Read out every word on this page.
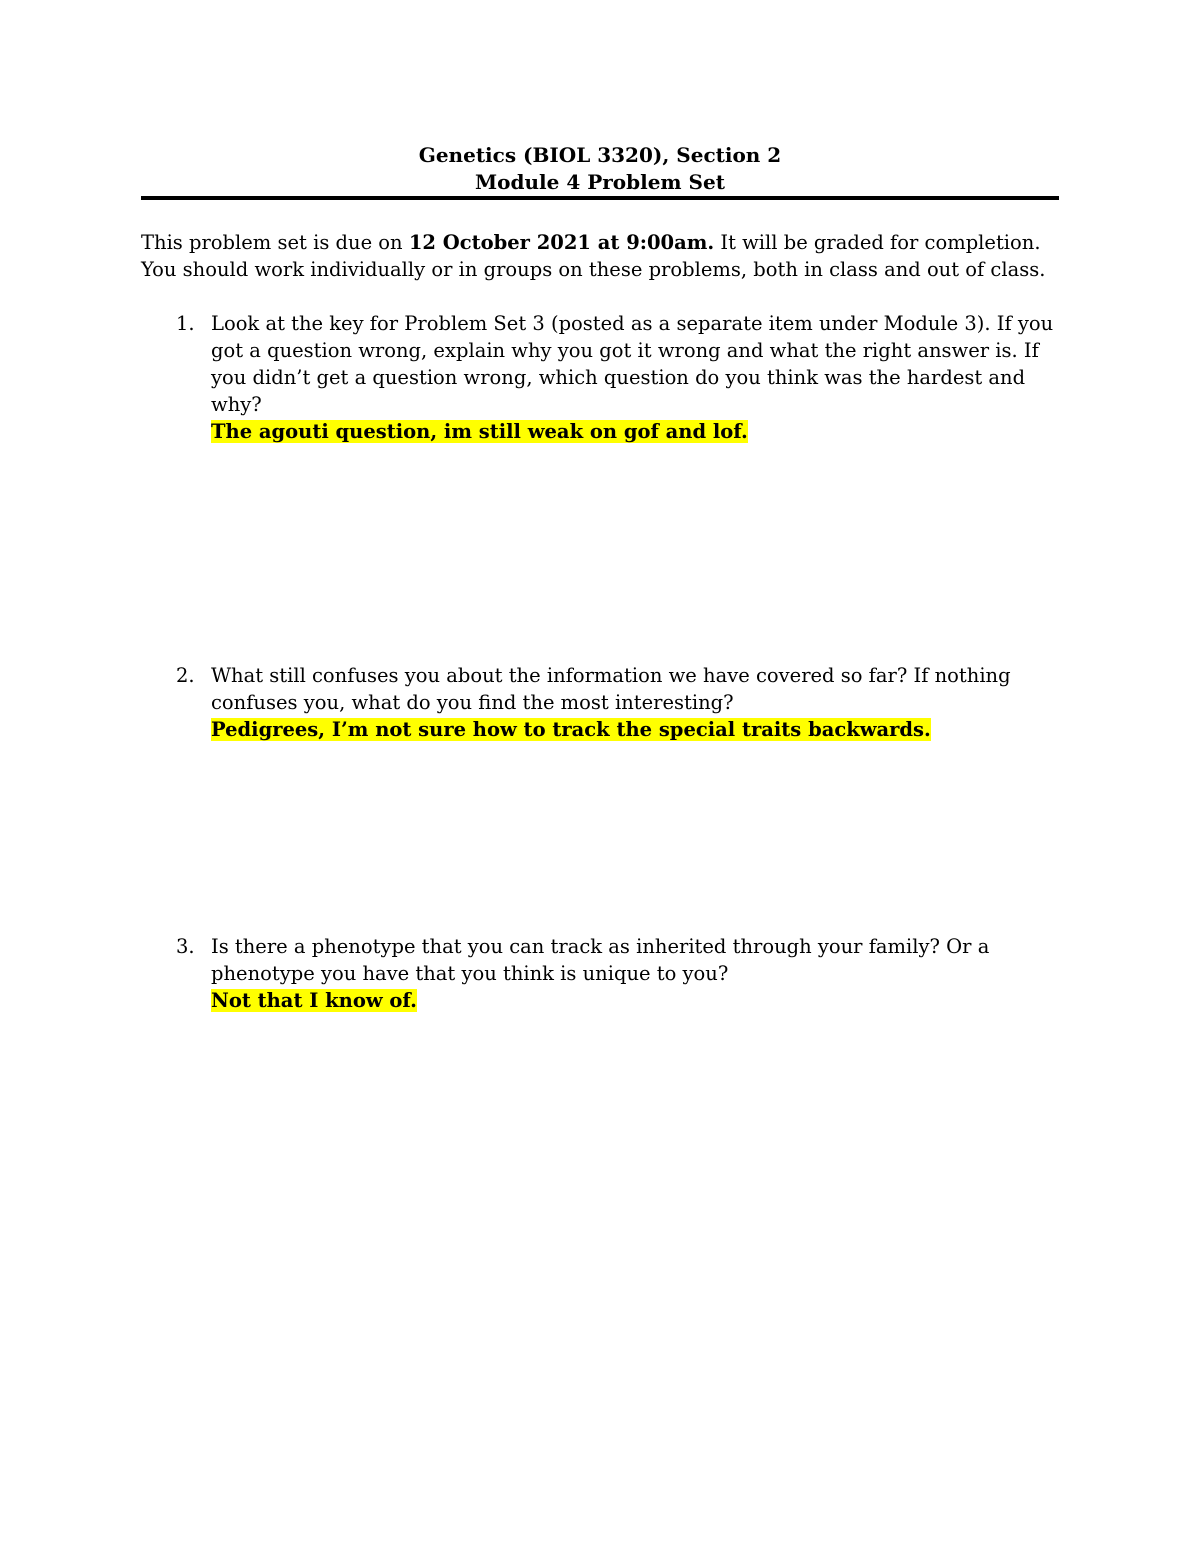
Genetics (BIOL 3320), Section 2
Module 4 Problem Set
This problem set is due on 12 October 2021 at 9:00am. It will be graded for completion. You should work individually or in groups on these problems, both in class and out of class.
1. Look at the key for Problem Set 3 (posted as a separate item under Module 3). If you got a question wrong, explain why you got it wrong and what the right answer is. If you didn’t get a question wrong, which question do you think was the hardest and why?
The agouti question, im still weak on gof and lof.
2. What still confuses you about the information we have covered so far? If nothing confuses you, what do you find the most interesting?
Pedigrees, I’m not sure how to track the special traits backwards.
3. Is there a phenotype that you can track as inherited through your family? Or a phenotype you have that you think is unique to you?
Not that I know of.
